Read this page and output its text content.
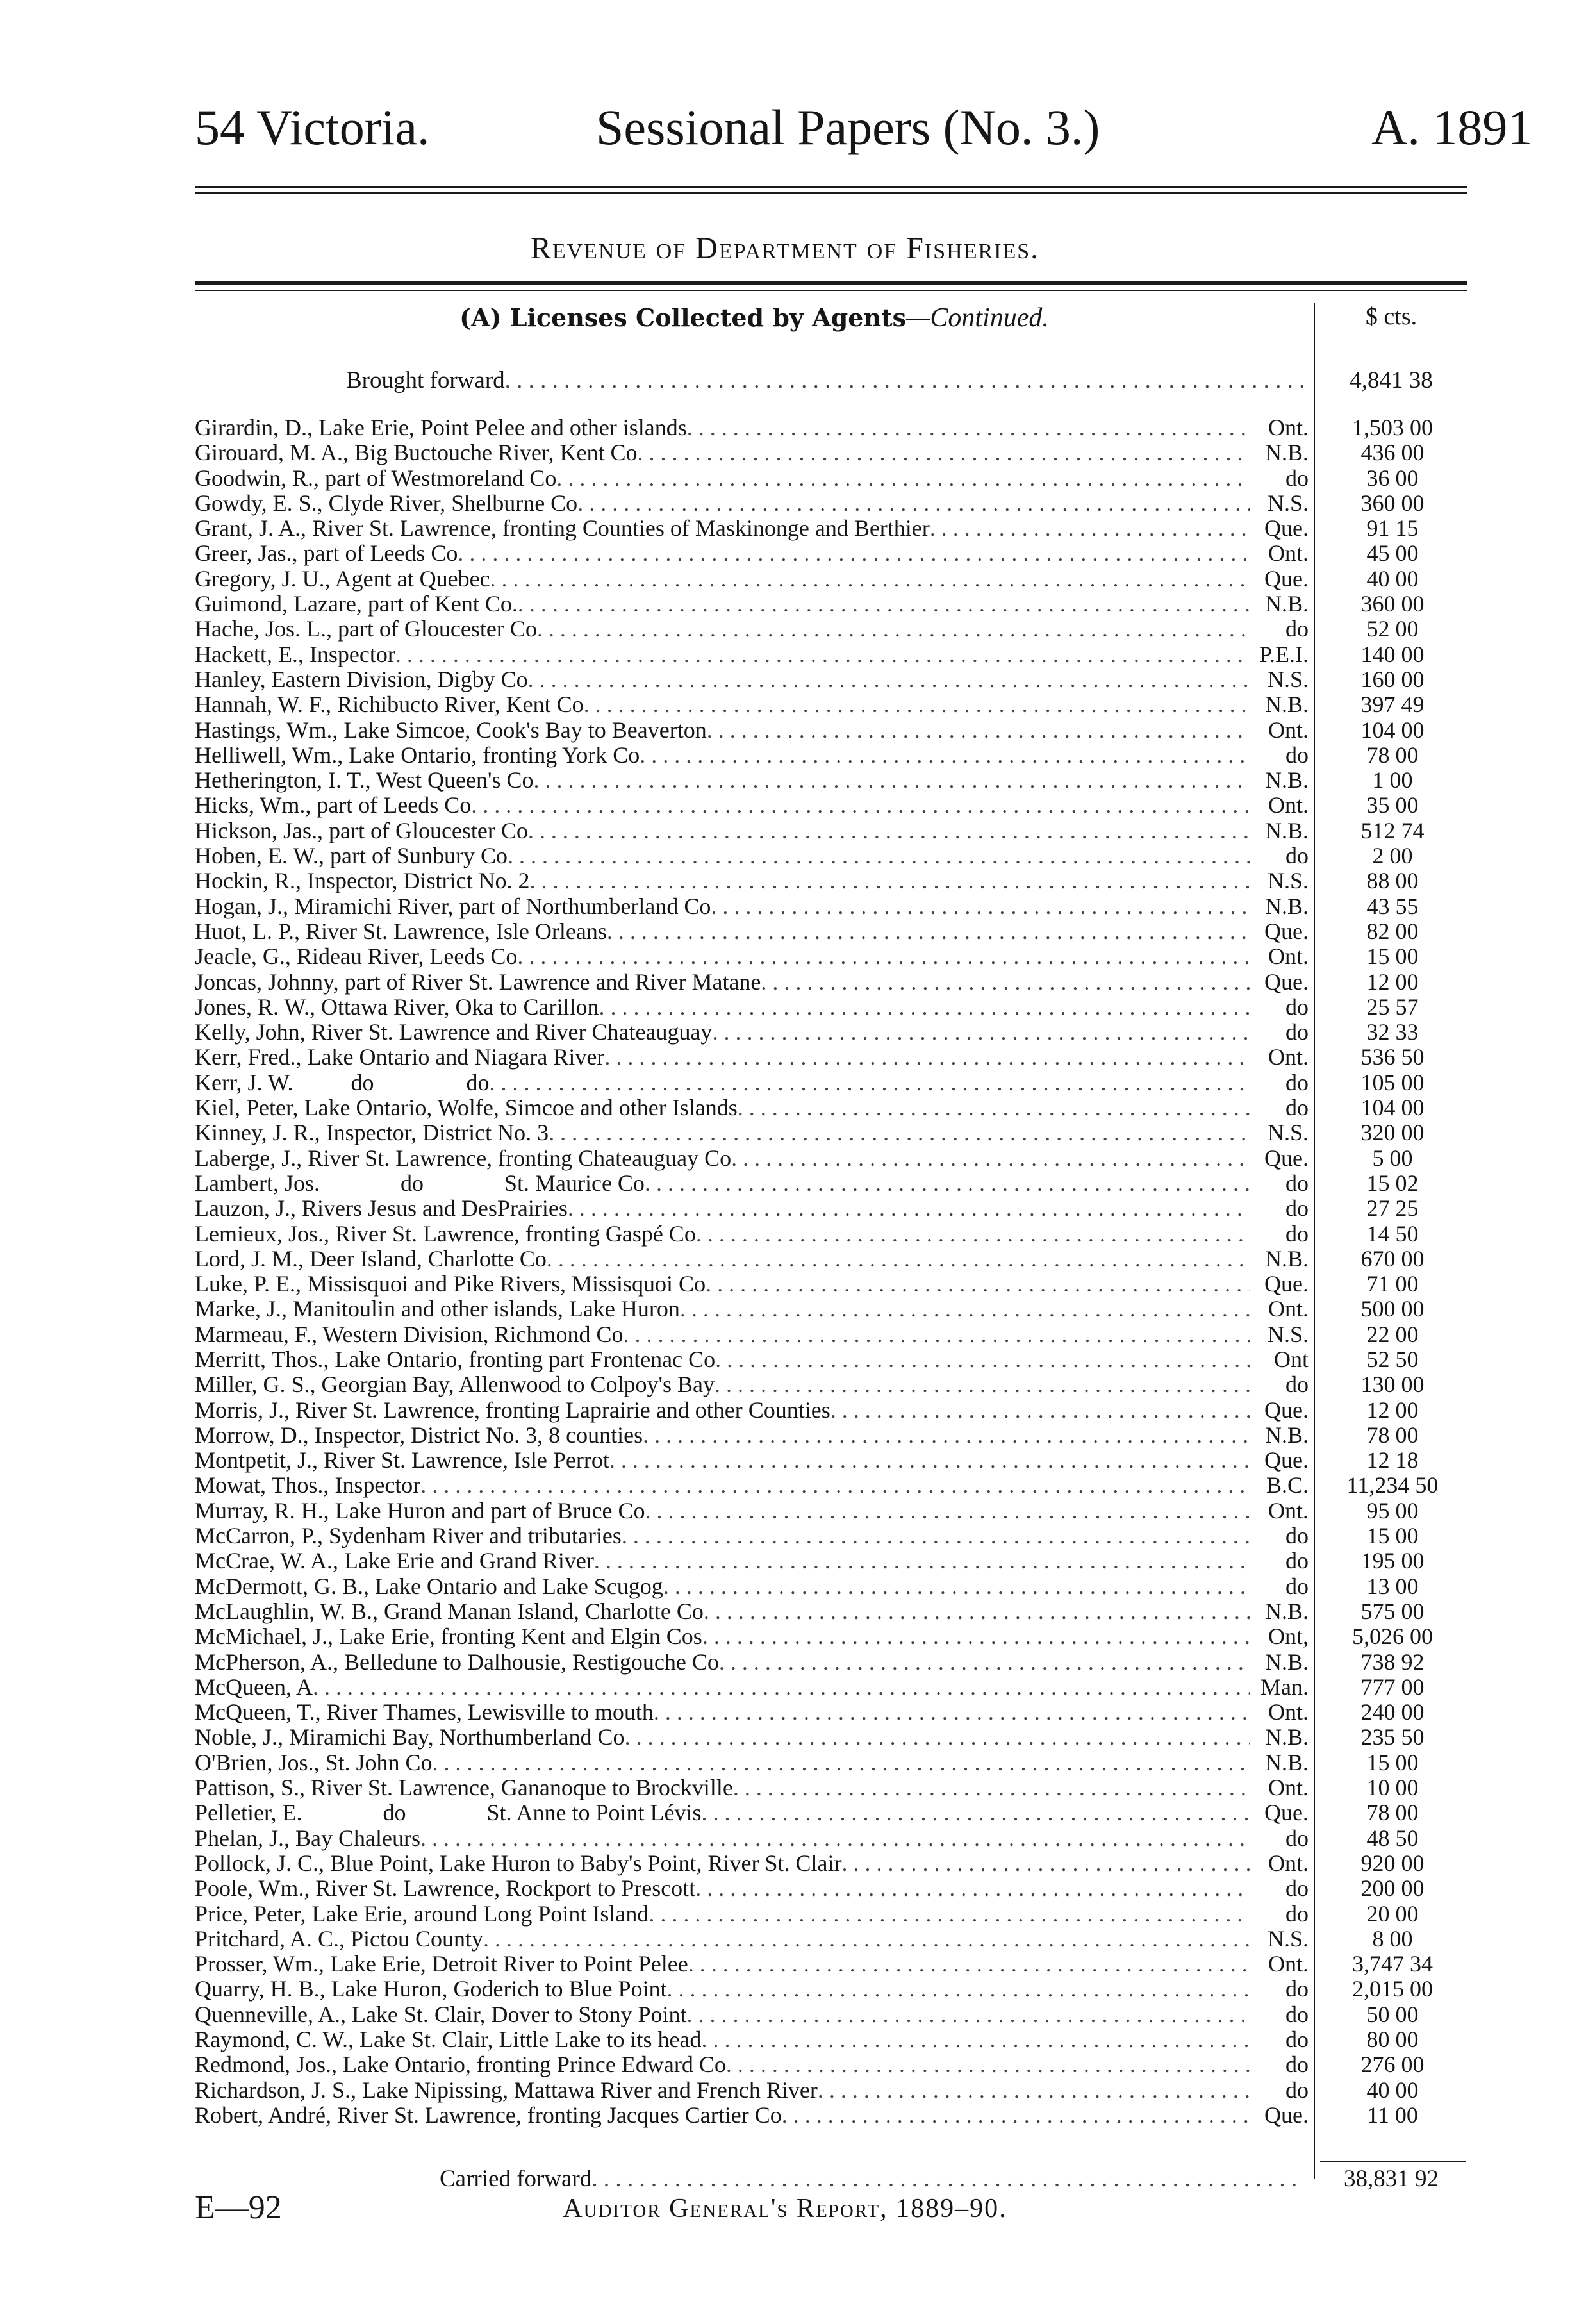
54 Victoria.	Sessional Papers (No. 3.)	A. 1891
Revenue of Department of Fisheries.
(A) Licenses Collected by Agents—Continued.	$ cts.
Brought forward . . .	4,841 38
Girardin, D., Lake Erie, Point Pelee and other islands . . .	Ont.	1,503 00
Girouard, M. A., Big Buctouche River, Kent Co . . .	N.B.	436 00
Goodwin, R., part of Westmoreland Co . . .	do	36 00
Gowdy, E. S., Clyde River, Shelburne Co . . .	N.S.	360 00
Grant, J. A., River St. Lawrence, fronting Counties of Maskinonge and Berthier . . .	Que.	91 15
Greer, Jas., part of Leeds Co . . .	Ont.	45 00
Gregory, J. U., Agent at Quebec . . .	Que.	40 00
Guimond, Lazare, part of Kent Co. . . .	N.B.	360 00
Hache, Jos. L., part of Gloucester Co . . .	do	52 00
Hackett, E., Inspector . . .	P.E.I.	140 00
Hanley, Eastern Division, Digby Co . . .	N.S.	160 00
Hannah, W. F., Richibucto River, Kent Co . . .	N.B.	397 49
Hastings, Wm., Lake Simcoe, Cook's Bay to Beaverton . . .	Ont.	104 00
Helliwell, Wm., Lake Ontario, fronting York Co . . .	do	78 00
Hetherington, I. T., West Queen's Co . . .	N.B.	1 00
Hicks, Wm., part of Leeds Co . . .	Ont.	35 00
Hickson, Jas., part of Gloucester Co . . .	N.B.	512 74
Hoben, E. W., part of Sunbury Co . . .	do	2 00
Hockin, R., Inspector, District No. 2 . . .	N.S.	88 00
Hogan, J., Miramichi River, part of Northumberland Co . . .	N.B.	43 55
Huot, L. P., River St. Lawrence, Isle Orleans . . .	Que.	82 00
Jeacle, G., Rideau River, Leeds Co . . .	Ont.	15 00
Joncas, Johnny, part of River St. Lawrence and River Matane . . .	Que.	12 00
Jones, R. W., Ottawa River, Oka to Carillon . . .	do	25 57
Kelly, John, River St. Lawrence and River Chateauguay . . .	do	32 33
Kerr, Fred., Lake Ontario and Niagara River . . .	Ont.	536 50
Kerr, J. W.          do                do . . .	do	105 00
Kiel, Peter, Lake Ontario, Wolfe, Simcoe and other Islands . . .	do	104 00
Kinney, J. R., Inspector, District No. 3 . . .	N.S.	320 00
Laberge, J., River St. Lawrence, fronting Chateauguay Co . . .	Que.	5 00
Lambert, Jos.              do              St. Maurice Co . . .	do	15 02
Lauzon, J., Rivers Jesus and DesPrairies . . .	do	27 25
Lemieux, Jos., River St. Lawrence, fronting Gaspé Co . . .	do	14 50
Lord, J. M., Deer Island, Charlotte Co . . .	N.B.	670 00
Luke, P. E., Missisquoi and Pike Rivers, Missisquoi Co . . .	Que.	71 00
Marke, J., Manitoulin and other islands, Lake Huron . . .	Ont.	500 00
Marmeau, F., Western Division, Richmond Co . . .	N.S.	22 00
Merritt, Thos., Lake Ontario, fronting part Frontenac Co . . .	Ont	52 50
Miller, G. S., Georgian Bay, Allenwood to Colpoy's Bay . . .	do	130 00
Morris, J., River St. Lawrence, fronting Laprairie and other Counties . . .	Que.	12 00
Morrow, D., Inspector, District No. 3, 8 counties . . .	N.B.	78 00
Montpetit, J., River St. Lawrence, Isle Perrot . . .	Que.	12 18
Mowat, Thos., Inspector . . .	B.C.	11,234 50
Murray, R. H., Lake Huron and part of Bruce Co . . .	Ont.	95 00
McCarron, P., Sydenham River and tributaries . . .	do	15 00
McCrae, W. A., Lake Erie and Grand River . . .	do	195 00
McDermott, G. B., Lake Ontario and Lake Scugog . . .	do	13 00
McLaughlin, W. B., Grand Manan Island, Charlotte Co . . .	N.B.	575 00
McMichael, J., Lake Erie, fronting Kent and Elgin Cos . . .	Ont,	5,026 00
McPherson, A., Belledune to Dalhousie, Restigouche Co . . .	N.B.	738 92
McQueen, A . . .	Man.	777 00
McQueen, T., River Thames, Lewisville to mouth . . .	Ont.	240 00
Noble, J., Miramichi Bay, Northumberland Co . . .	N.B.	235 50
O'Brien, Jos., St. John Co . . .	N.B.	15 00
Pattison, S., River St. Lawrence, Gananoque to Brockville . . .	Ont.	10 00
Pelletier, E.              do              St. Anne to Point Lévis . . .	Que.	78 00
Phelan, J., Bay Chaleurs . . .	do	48 50
Pollock, J. C., Blue Point, Lake Huron to Baby's Point, River St. Clair . . .	Ont.	920 00
Poole, Wm., River St. Lawrence, Rockport to Prescott . . .	do	200 00
Price, Peter, Lake Erie, around Long Point Island . . .	do	20 00
Pritchard, A. C., Pictou County . . .	N.S.	8 00
Prosser, Wm., Lake Erie, Detroit River to Point Pelee . . .	Ont.	3,747 34
Quarry, H. B., Lake Huron, Goderich to Blue Point . . .	do	2,015 00
Quenneville, A., Lake St. Clair, Dover to Stony Point . . .	do	50 00
Raymond, C. W., Lake St. Clair, Little Lake to its head . . .	do	80 00
Redmond, Jos., Lake Ontario, fronting Prince Edward Co . . .	do	276 00
Richardson, J. S., Lake Nipissing, Mattawa River and French River . . .	do	40 00
Robert, André, River St. Lawrence, fronting Jacques Cartier Co . . .	Que.	11 00
Carried forward . . .	38,831 92
E—92	Auditor General's Report, 1889–90.
